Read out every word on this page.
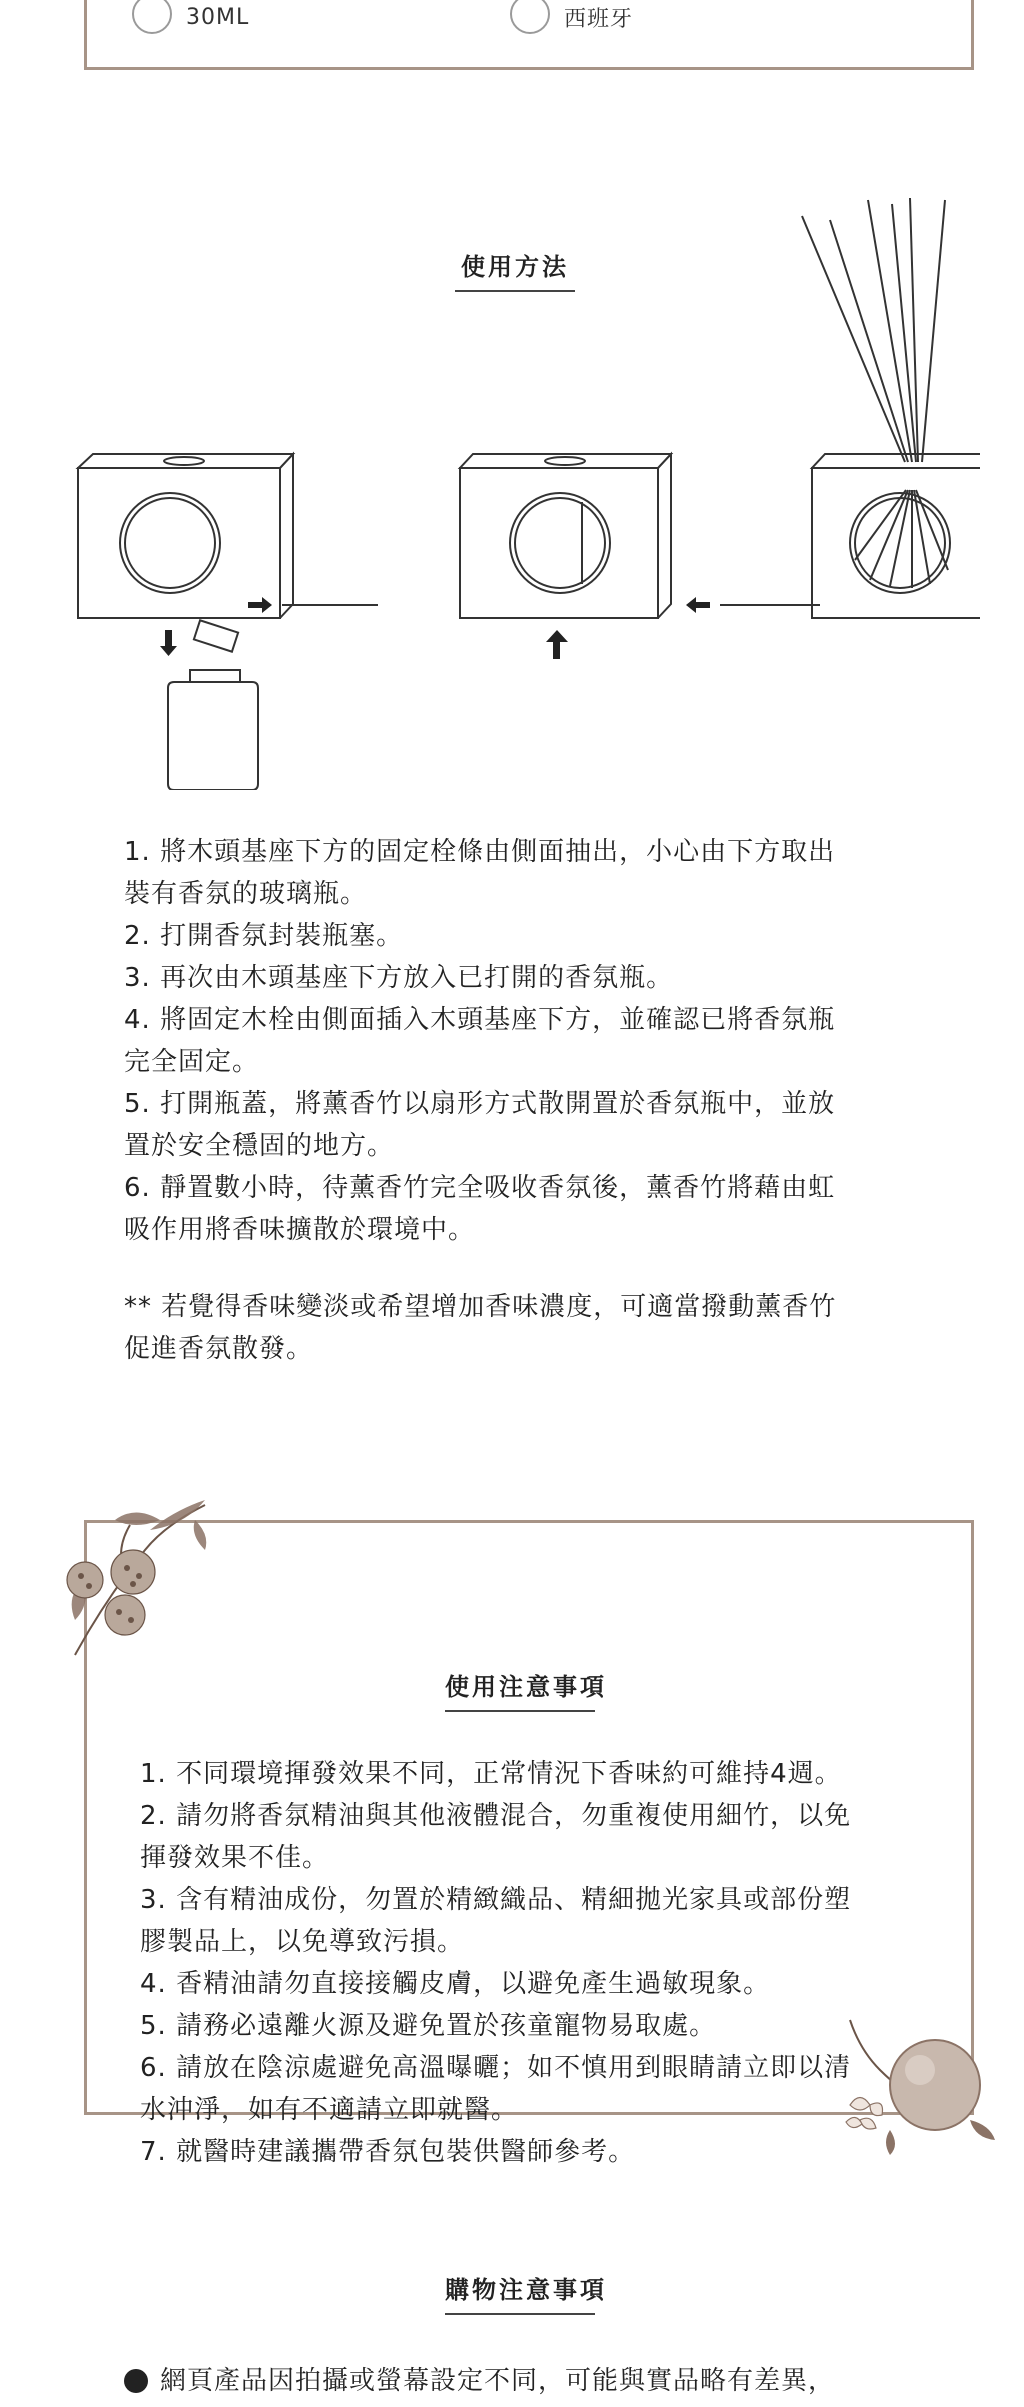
30ML	西班牙
使用方法

1. 將木頭基座下方的固定栓條由側面抽出，小心由下方取出

裝有香氛的玻璃瓶。

2. 打開香氛封裝瓶塞。

3. 再次由木頭基座下方放入已打開的香氛瓶。

4. 將固定木栓由側面插入木頭基座下方，並確認已將香氛瓶

完全固定。

5. 打開瓶蓋，將薰香竹以扇形方式散開置於香氛瓶中，並放

置於安全穩固的地方。

6. 靜置數小時，待薰香竹完全吸收香氛後，薰香竹將藉由虹

吸作用將香味擴散於環境中。

** 若覺得香味變淡或希望增加香味濃度，可適當撥動薰香竹

促進香氛散發。

使用注意事項

1. 不同環境揮發效果不同，正常情況下香味約可維持4週。

2. 請勿將香氛精油與其他液體混合，勿重複使用細竹，以免

揮發效果不佳。

3. 含有精油成份，勿置於精緻織品、精細拋光家具或部份塑

膠製品上，以免導致污損。

4. 香精油請勿直接接觸皮膚，以避免產生過敏現象。

5. 請務必遠離火源及避免置於孩童寵物易取處。

6. 請放在陰涼處避免高溫曝曬；如不慎用到眼睛請立即以清

水沖淨，如有不適請立即就醫。

7. 就醫時建議攜帶香氛包裝供醫師參考。

購物注意事項
網頁產品因拍攝或螢幕設定不同，可能與實品略有差異，
